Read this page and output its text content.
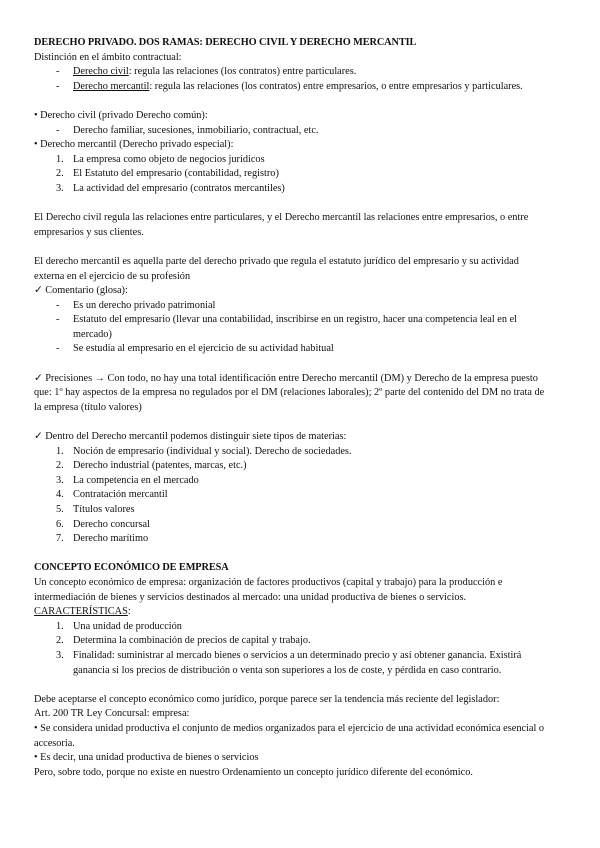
DERECHO PRIVADO. DOS RAMAS: DERECHO CIVIL Y DERECHO MERCANTIL

Distinción en el ámbito contractual:

-	Derecho civil: regula las relaciones (los contratos) entre particulares.
-	Derecho mercantil: regula las relaciones (los contratos) entre empresarios, o entre empresarios y particulares.

• Derecho civil (privado Derecho común):

-	Derecho familiar, sucesiones, inmobiliario, contractual, etc.

• Derecho mercantil (Derecho privado especial):

1. La empresa como objeto de negocios jurídicos
2. El Estatuto del empresario (contabilidad, registro)
3. La actividad del empresario (contratos mercantiles)

El Derecho civil regula las relaciones entre particulares, y el Derecho mercantil las relaciones entre empresarios, o entre empresarios y sus clientes.

El derecho mercantil es aquella parte del derecho privado que regula el estatuto jurídico del empresario y su actividad externa en el ejercicio de su profesión

✓ Comentario (glosa):

-	Es un derecho privado patrimonial
-	Estatuto del empresario (llevar una contabilidad, inscribirse en un registro, hacer una competencia leal en el mercado)
-	Se estudia al empresario en el ejercicio de su actividad habitual

✓ Precisiones → Con todo, no hay una total identificación entre Derecho mercantil (DM) y Derecho de la empresa puesto que: 1º hay aspectos de la empresa no regulados por el DM (relaciones laborales); 2º parte del contenido del DM no trata de la empresa (título valores)

✓ Dentro del Derecho mercantil podemos distinguir siete tipos de materias:

1. Noción de empresario (individual y social). Derecho de sociedades.
2. Derecho industrial (patentes, marcas, etc.)
3. La competencia en el mercado
4. Contratación mercantil
5. Títulos valores
6. Derecho concursal
7. Derecho marítimo

CONCEPTO ECONÓMICO DE EMPRESA

Un concepto económico de empresa: organización de factores productivos (capital y trabajo) para la producción e intermediación de bienes y servicios destinados al mercado: una unidad productiva de bienes o servicios.

CARACTERÍSTICAS:

1. Una unidad de producción
2. Determina la combinación de precios de capital y trabajo.
3. Finalidad: suministrar al mercado bienes o servicios a un determinado precio y así obtener ganancia. Existirá ganancia si los precios de distribución o venta son superiores a los de coste, y pérdida en caso contrario.

Debe aceptarse el concepto económico como jurídico, porque parece ser la tendencia más reciente del legislador:

Art. 200 TR Ley Concursal: empresa:

• Se considera unidad productiva el conjunto de medios organizados para el ejercicio de una actividad económica esencial o accesoria.

• Es decir, una unidad productiva de bienes o servicios

Pero, sobre todo, porque no existe en nuestro Ordenamiento un concepto jurídico diferente del económico.
